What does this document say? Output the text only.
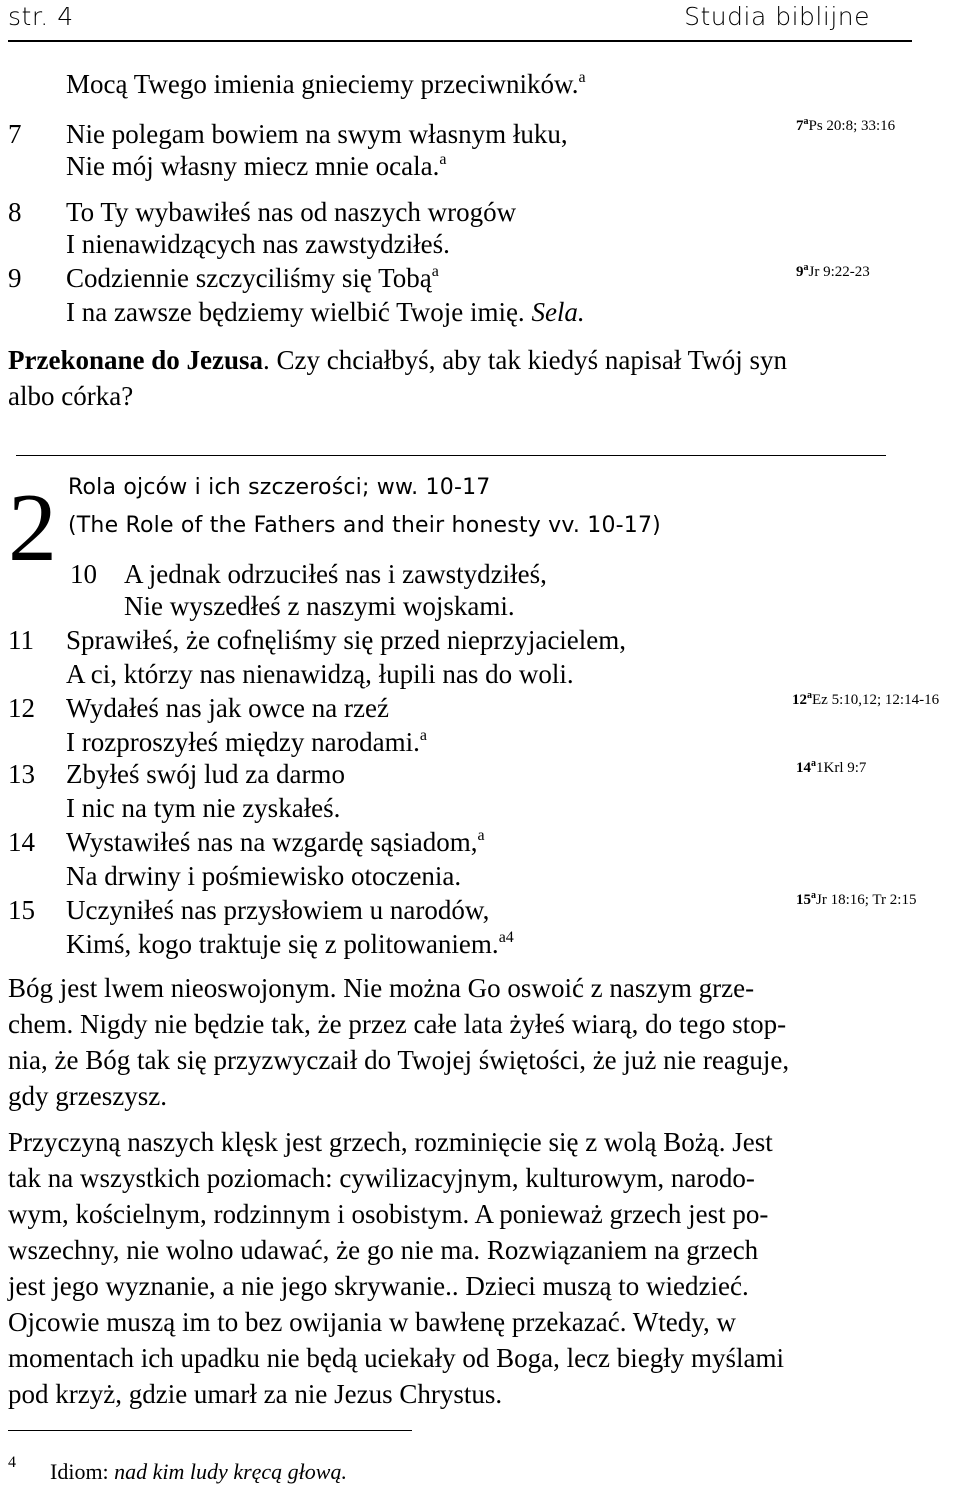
str. 4	Studia biblijne
Mocą Twego imienia gnieciemy przeciwników.$^a$
7 Nie polegam bowiem na swym własnym łuku,
Nie mój własny miecz mnie ocala.$^a$
8 To Ty wybawiłeś nas od naszych wrogów
I nienawidzących nas zawstydziłeś.
9 Codziennie szczyciliśmy się Tobą$^a$
I na zawsze będziemy wielbić Twoje imię. Sela.
7$^a$Ps 20:8; 33:16
9$^a$Jr 9:22-23
Przekonane do Jezusa. Czy chciałbyś, aby tak kiedyś napisał Twój syn
albo córka?
2 Rola ojców i ich szczerości; ww. 10-17
(The Role of the Fathers and their honesty vv. 10-17)
10 A jednak odrzuciłeś nas i zawstydziłeś,
Nie wyszedłeś z naszymi wojskami.
11 Sprawiłeś, że cofnęliśmy się przed nieprzyjacielem,
A ci, którzy nas nienawidzą, łupili nas do woli.
12 Wydałeś nas jak owce na rzeź
I rozproszyłeś między narodami.$^a$
13 Zbyłeś swój lud za darmo
I nic na tym nie zyskałeś.
14 Wystawiłeś nas na wzgardę sąsiadom,$^a$
Na drwiny i pośmiewisko otoczenia.
15 Uczyniłeś nas przysłowiem u narodów,
Kimś, kogo traktuje się z politowaniem.$^{a4}$
12$^a$Ez 5:10,12; 12:14-16
14$^a$1Krl 9:7
15$^a$Jr 18:16; Tr 2:15
Bóg jest lwem nieoswojonym. Nie można Go oswoić z naszym grze-
chem. Nigdy nie będzie tak, że przez całe lata żyłeś wiarą, do tego stop-
nia, że Bóg tak się przyzwyczaił do Twojej świętości, że już nie reaguje,
gdy grzeszysz.
Przyczyną naszych klęsk jest grzech, rozminięcie się z wolą Bożą. Jest
tak na wszystkich poziomach: cywilizacyjnym, kulturowym, narodo-
wym, kościelnym, rodzinnym i osobistym. A ponieważ grzech jest po-
wszechny, nie wolno udawać, że go nie ma. Rozwiązaniem na grzech
jest jego wyznanie, a nie jego skrywanie.. Dzieci muszą to wiedzieć.
Ojcowie muszą im to bez owijania w bawłenę przekazać. Wtedy, w
momentach ich upadku nie będą uciekały od Boga, lecz biegły myślami
pod krzyż, gdzie umarł za nie Jezus Chrystus.
4 Idiom: nad kim ludy kręcą głową.
